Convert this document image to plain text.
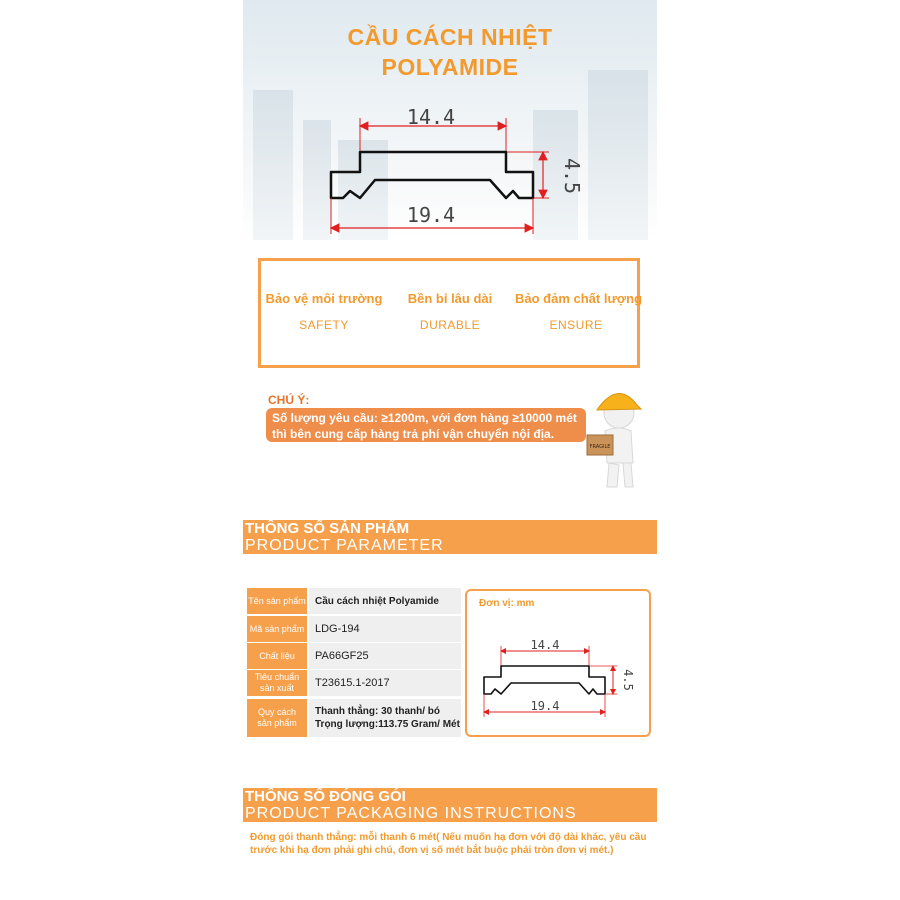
CẦU CÁCH NHIỆT
POLYAMIDE
14.4
4.5
19.4
Bảo vệ môi trường
SAFETY
Bền bỉ lâu dài
DURABLE
Bảo đảm chất lượng
ENSURE
CHÚ Ý:
Số lượng yêu cầu: ≥1200m, với đơn hàng ≥10000 mét
thì bên cung cấp hàng trả phí vận chuyển nội địa.
FRAGILE
THÔNG SỐ SẢN PHẨM
PRODUCT PARAMETER
Tên sản phẩm Cầu cách nhiệt Polyamide
Mã sản phẩm LDG-194
Chất liệu	PA66GF25
Tiêu chuẩn
sản xuất	T23615.1-2017
Quy cách
sản phẩm
Thanh thẳng: 30 thanh/ bó
Trọng lượng:113.75 Gram/ Mét
Đơn vị: mm
14.4
4.5
19.4
THÔNG SỐ ĐÓNG GÓI
PRODUCT PACKAGING INSTRUCTIONS
Đóng gói thanh thẳng: mỗi thanh 6 mét( Nếu muốn hạ đơn với độ dài khác, yêu cầu
trước khi hạ đơn phải ghi chú, đơn vị số mét bắt buộc phải tròn đơn vị mét.)
